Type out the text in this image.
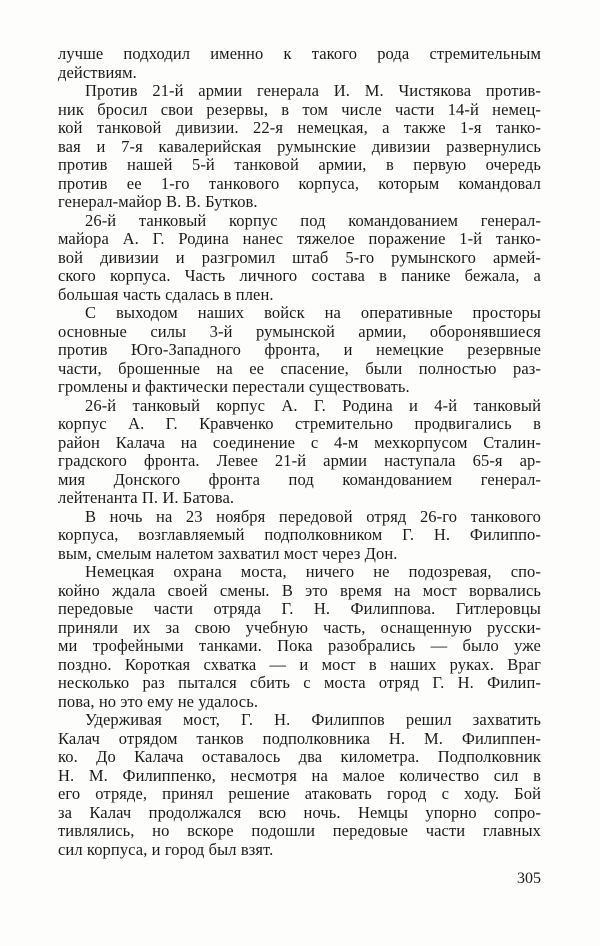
лучше подходил именно к такого рода стремительным
действиям.
Против 21-й армии генерала И. М. Чистякова против-
ник бросил свои резервы, в том числе части 14-й немец-
кой танковой дивизии. 22-я немецкая, а также 1-я танко-
вая и 7-я кавалерийская румынские дивизии развернулись
против нашей 5-й танковой армии, в первую очередь
против ее 1-го танкового корпуса, которым командовал
генерал-майор В. В. Бутков.
26-й танковый корпус под командованием генерал-
майора А. Г. Родина нанес тяжелое поражение 1-й танко-
вой дивизии и разгромил штаб 5-го румынского армей-
ского корпуса. Часть личного состава в панике бежала, а
большая часть сдалась в плен.
С выходом наших войск на оперативные просторы
основные силы 3-й румынской армии, оборонявшиеся
против Юго-Западного фронта, и немецкие резервные
части, брошенные на ее спасение, были полностью раз-
громлены и фактически перестали существовать.
26-й танковый корпус А. Г. Родина и 4-й танковый
корпус А. Г. Кравченко стремительно продвигались в
район Калача на соединение с 4-м мехкорпусом Сталин-
градского фронта. Левее 21-й армии наступала 65-я ар-
мия Донского фронта под командованием генерал-
лейтенанта П. И. Батова.
В ночь на 23 ноября передовой отряд 26-го танкового
корпуса, возглавляемый подполковником Г. Н. Филиппо-
вым, смелым налетом захватил мост через Дон.
Немецкая охрана моста, ничего не подозревая, спо-
койно ждала своей смены. В это время на мост ворвались
передовые части отряда Г. Н. Филиппова. Гитлеровцы
приняли их за свою учебную часть, оснащенную русски-
ми трофейными танками. Пока разобрались — было уже
поздно. Короткая схватка — и мост в наших руках. Враг
несколько раз пытался сбить с моста отряд Г. Н. Филип-
пова, но это ему не удалось.
Удерживая мост, Г. Н. Филиппов решил захватить
Калач отрядом танков подполковника Н. М. Филиппен-
ко. До Калача оставалось два километра. Подполковник
Н. М. Филиппенко, несмотря на малое количество сил в
его отряде, принял решение атаковать город с ходу. Бой
за Калач продолжался всю ночь. Немцы упорно сопро-
тивлялись, но вскоре подошли передовые части главных
сил корпуса, и город был взят.
305
